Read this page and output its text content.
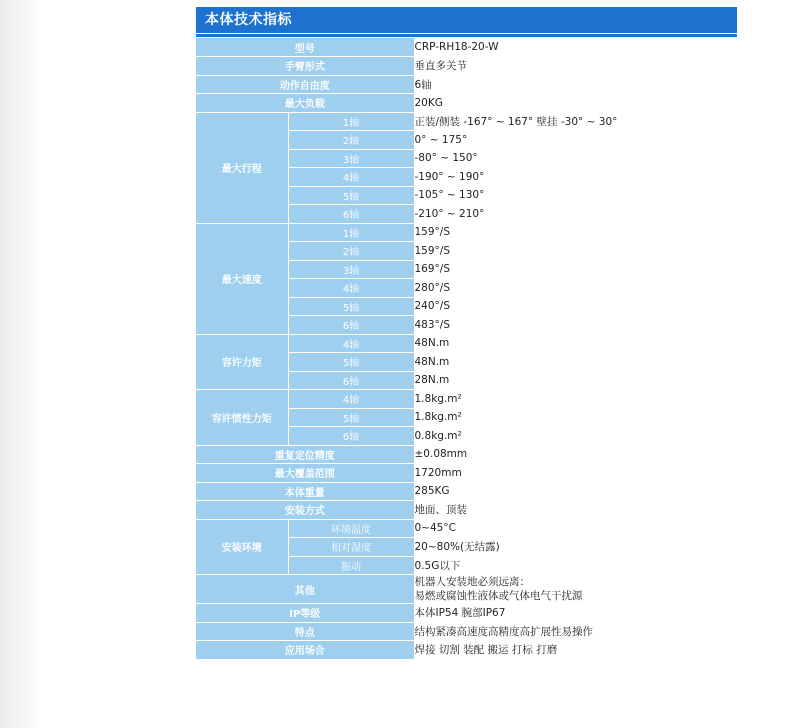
本体技术指标
型号		CRP-RH18-20-W
手臂形式		垂直多关节
动作自由度		6轴
最大负载		20KG
最大行程	1轴	正装/侧装 -167° ~ 167° 壁挂 -30° ~ 30°
	2轴	0° ~ 175°
	3轴	-80° ~ 150°
	4轴	-190° ~ 190°
	5轴	-105° ~ 130°
	6轴	-210° ~ 210°
最大速度	1轴	159°/S
	2轴	159°/S
	3轴	169°/S
	4轴	280°/S
	5轴	240°/S
	6轴	483°/S
容许力矩	4轴	48N.m
	5轴	48N.m
	6轴	28N.m
容许惯性力矩	4轴	1.8kg.m²
	5轴	1.8kg.m²
	6轴	0.8kg.m²
重复定位精度		±0.08mm
最大覆盖范围		1720mm
本体重量		285KG
安装方式		地面、顶装
安装环境	环境温度	0~45°C
	相对湿度	20~80%(无结露)
	振动	0.5G以下
其他		机器人安装地必须远离：
易燃或腐蚀性液体或气体电气干扰源

IP等级		本体IP54 腕部IP67
特点		结构紧凑高速度高精度高扩展性易操作
应用场合		焊接 切割 装配 搬运 打标 打磨
